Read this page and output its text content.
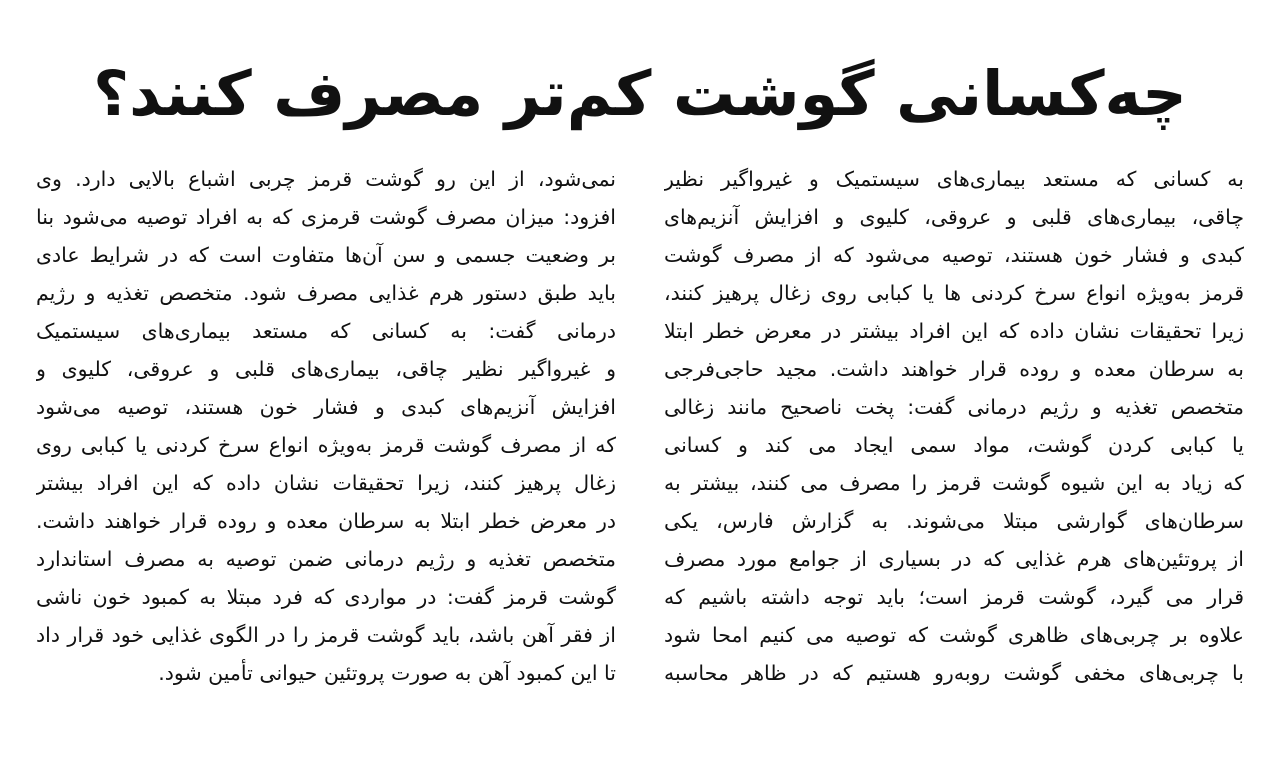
چه‌کسانی گوشت کم‌تر مصرف کنند؟
به کسانی که مستعد بیماری‌های سیستمیک و غیرواگیر نظیر
چاقی، بیماری‌های قلبی و عروقی، کلیوی و افزایش آنزیم‌های
کبدی و فشار خون هستند، توصیه می‌شود که از مصرف گوشت
قرمز به‌ویژه انواع سرخ کردنی ها یا کبابی روی زغال پرهیز کنند،
زیرا تحقیقات نشان داده که این افراد بیشتر در معرض خطر ابتلا
به سرطان معده و روده قرار خواهند داشت. مجید حاجی‌فرجی
متخصص تغذیه و رژیم درمانی گفت: پخت ناصحیح مانند زغالی
یا کبابی کردن گوشت، مواد سمی ایجاد می کند و کسانی
که زیاد به این شیوه گوشت قرمز را مصرف می کنند، بیشتر به
سرطان‌های گوارشی مبتلا می‌شوند. به گزارش فارس، یکی
از پروتئین‌های هرم غذایی که در بسیاری از جوامع مورد مصرف
قرار می گیرد، گوشت قرمز است؛ باید توجه داشته باشیم که
علاوه بر چربی‌های ظاهری گوشت که توصیه می کنیم امحا شود
با چربی‌های مخفی گوشت روبه‌رو هستیم که در ظاهر محاسبه
نمی‌شود، از این رو گوشت قرمز چربی اشباع بالایی دارد. وی
افزود: میزان مصرف گوشت قرمزی که به افراد توصیه می‌شود بنا
بر وضعیت جسمی و سن آن‌ها متفاوت است که در شرایط عادی
باید طبق دستور هرم غذایی مصرف شود. متخصص تغذیه و رژیم
درمانی گفت: به کسانی که مستعد بیماری‌های سیستمیک
و غیرواگیر نظیر چاقی، بیماری‌های قلبی و عروقی، کلیوی و
افزایش آنزیم‌های کبدی و فشار خون هستند، توصیه می‌شود
که از مصرف گوشت قرمز به‌ویژه انواع سرخ کردنی یا کبابی روی
زغال پرهیز کنند، زیرا تحقیقات نشان داده که این افراد بیشتر
در معرض خطر ابتلا به سرطان معده و روده قرار خواهند داشت.
متخصص تغذیه و رژیم درمانی ضمن توصیه به مصرف استاندارد
گوشت قرمز گفت: در مواردی که فرد مبتلا به کمبود خون ناشی
از فقر آهن باشد، باید گوشت قرمز را در الگوی غذایی خود قرار داد
تا این کمبود آهن به صورت پروتئین حیوانی تأمین شود.
